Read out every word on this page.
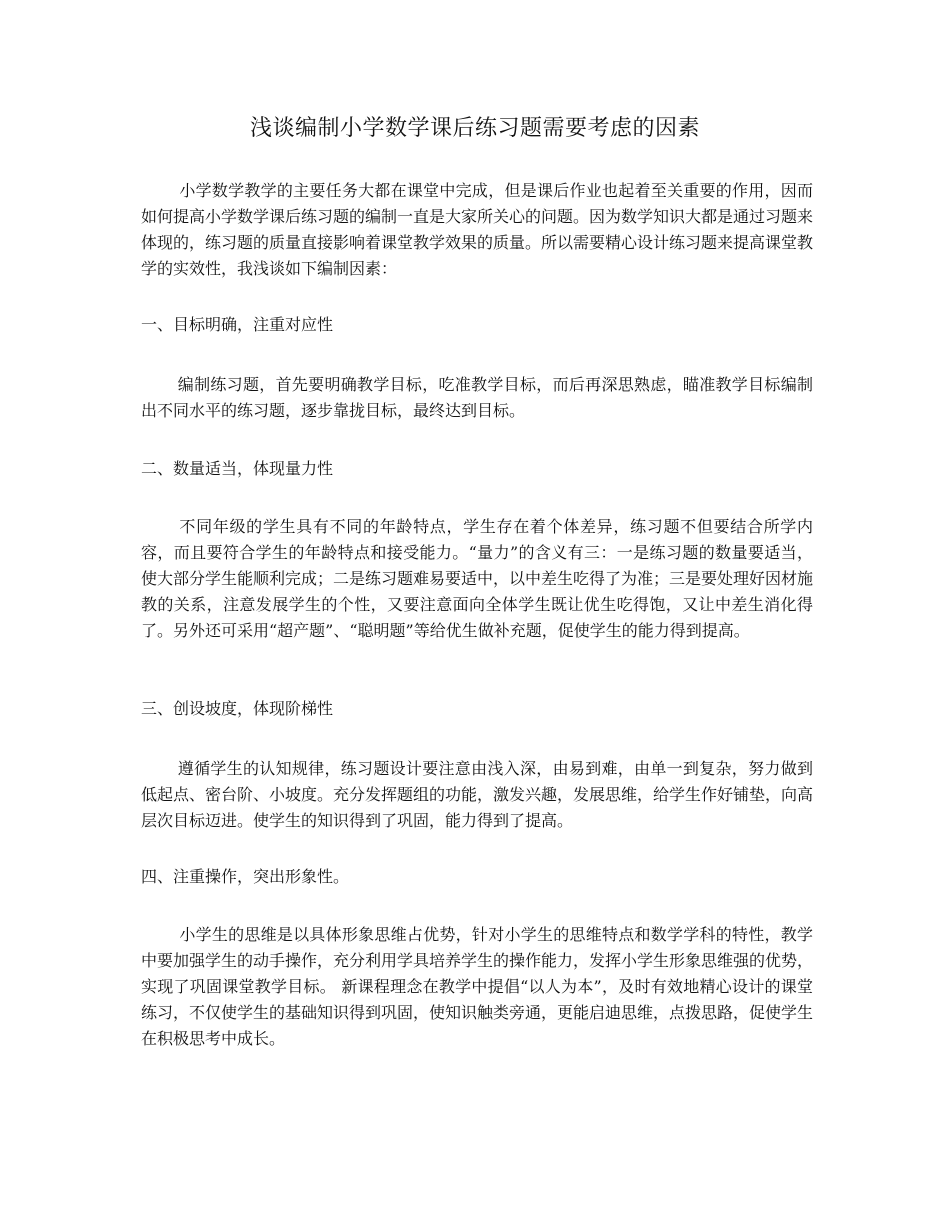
浅谈编制小学数学课后练习题需要考虑的因素

小学数学教学的主要任务大都在课堂中完成，但是课后作业也起着至关重要的作用，因而如何提高小学数学课后练习题的编制一直是大家所关心的问题。因为数学知识大都是通过习题来体现的，练习题的质量直接影响着课堂教学效果的质量。所以需要精心设计练习题来提高课堂教学的实效性，我浅谈如下编制因素：

一、目标明确，注重对应性

编制练习题，首先要明确教学目标，吃准教学目标，而后再深思熟虑，瞄准教学目标编制出不同水平的练习题，逐步靠拢目标，最终达到目标。

二、数量适当，体现量力性

不同年级的学生具有不同的年龄特点，学生存在着个体差异，练习题不但要结合所学内容，而且要符合学生的年龄特点和接受能力。“量力”的含义有三：一是练习题的数量要适当，使大部分学生能顺利完成；二是练习题难易要适中，以中差生吃得了为准；三是要处理好因材施教的关系，注意发展学生的个性，又要注意面向全体学生既让优生吃得饱，又让中差生消化得了。另外还可采用“超产题”、“聪明题”等给优生做补充题，促使学生的能力得到提高。

三、创设坡度，体现阶梯性

遵循学生的认知规律，练习题设计要注意由浅入深，由易到难，由单一到复杂，努力做到低起点、密台阶、小坡度。充分发挥题组的功能，激发兴趣，发展思维，给学生作好铺垫，向高层次目标迈进。使学生的知识得到了巩固，能力得到了提高。

四、注重操作，突出形象性。

小学生的思维是以具体形象思维占优势，针对小学生的思维特点和数学学科的特性，教学中要加强学生的动手操作，充分利用学具培养学生的操作能力，发挥小学生形象思维强的优势，实现了巩固课堂教学目标。 新课程理念在教学中提倡“以人为本”，及时有效地精心设计的课堂练习，不仅使学生的基础知识得到巩固，使知识触类旁通，更能启迪思维，点拨思路，促使学生在积极思考中成长。
